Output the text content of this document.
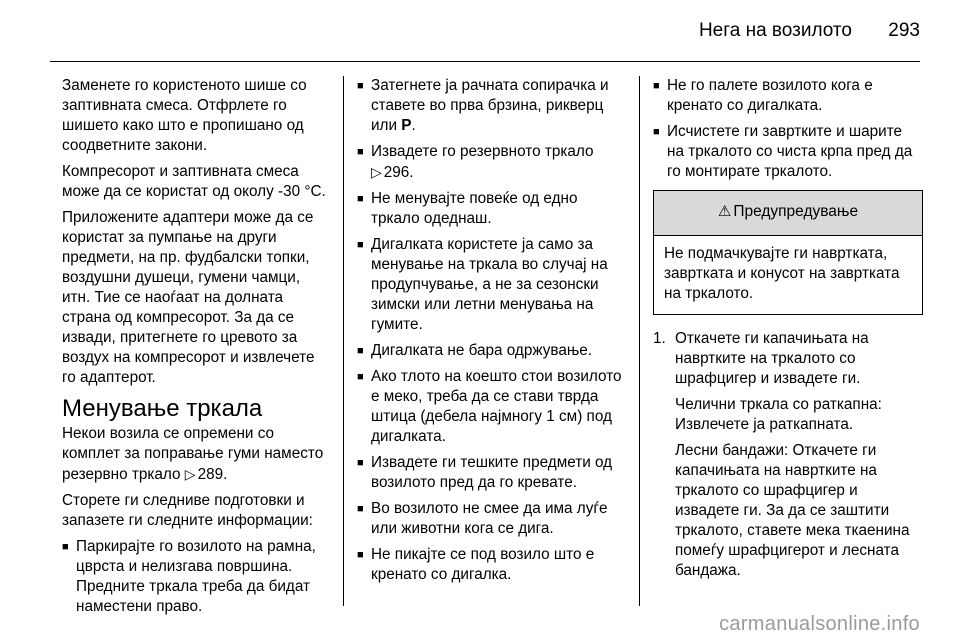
Нега на возилото 293

Заменете го користеното шише со заптивната смеса. Отфрлете го шишето како што е пропишано од соодветните закони.

Компресорот и заптивната смеса може да се користат од околу -30 °C.

Приложените адаптери може да се користат за пумпање на други предмети, на пр. фудбалски топки, воздушни душеци, гумени чамци, итн. Тие се наоѓаат на долната страна од компресорот. За да се извади, притегнете го цревото за воздух на компресорот и извлечете го адаптерот.

Менување тркала

Некои возила се опремени со комплет за поправање гуми наместо резервно тркало ▷ 289.

Сторете ги следниве подготовки и запазете ги следните информации:

■ Паркирајте го возилото на рамна, цврста и нелизгава површина. Предните тркала треба да бидат наместени право.
■ Затегнете ја рачната сопирачка и ставете во прва брзина, рикверц или P.
■ Извадете го резервното тркало
▷ 296.
■ Не менувајте повеќе од едно тркало одеднаш.
■ Дигалката користете ја само за менување на тркала во случај на продупчување, а не за сезонски зимски или летни менувања на гумите.
■ Дигалката не бара одржување.
■ Ако тлото на коешто стои возилото е меко, треба да се стави тврда штица (дебела најмногу 1 см) под дигалката.
■ Извадете ги тешките предмети од возилото пред да го кревате.
■ Во возилото не смее да има луѓе или животни кога се дига.
■ Не пикајте се под возило што е кренато со дигалка.
■ Не го палете возилото кога е кренато со дигалката.
■ Исчистете ги завртките и шарите на тркалото со чиста крпа пред да го монтирате тркалото.
⚠ Предупредување
Не подмачкувајте ги навртката, завртката и конусот на завртката на тркалото.
1. Откачете ги капачињата на навртките на тркалото со шрафцигер и извадете ги.

Челични тркала со раткапна: Извлечете ја раткапната.

Лесни бандажи: Откачете ги капачињата на навртките на тркалото со шрафцигер и извадете ги. За да се заштити тркалото, ставете мека ткаенина помеѓу шрафцигерот и лесната бандажа.

carmanualsonline.info
